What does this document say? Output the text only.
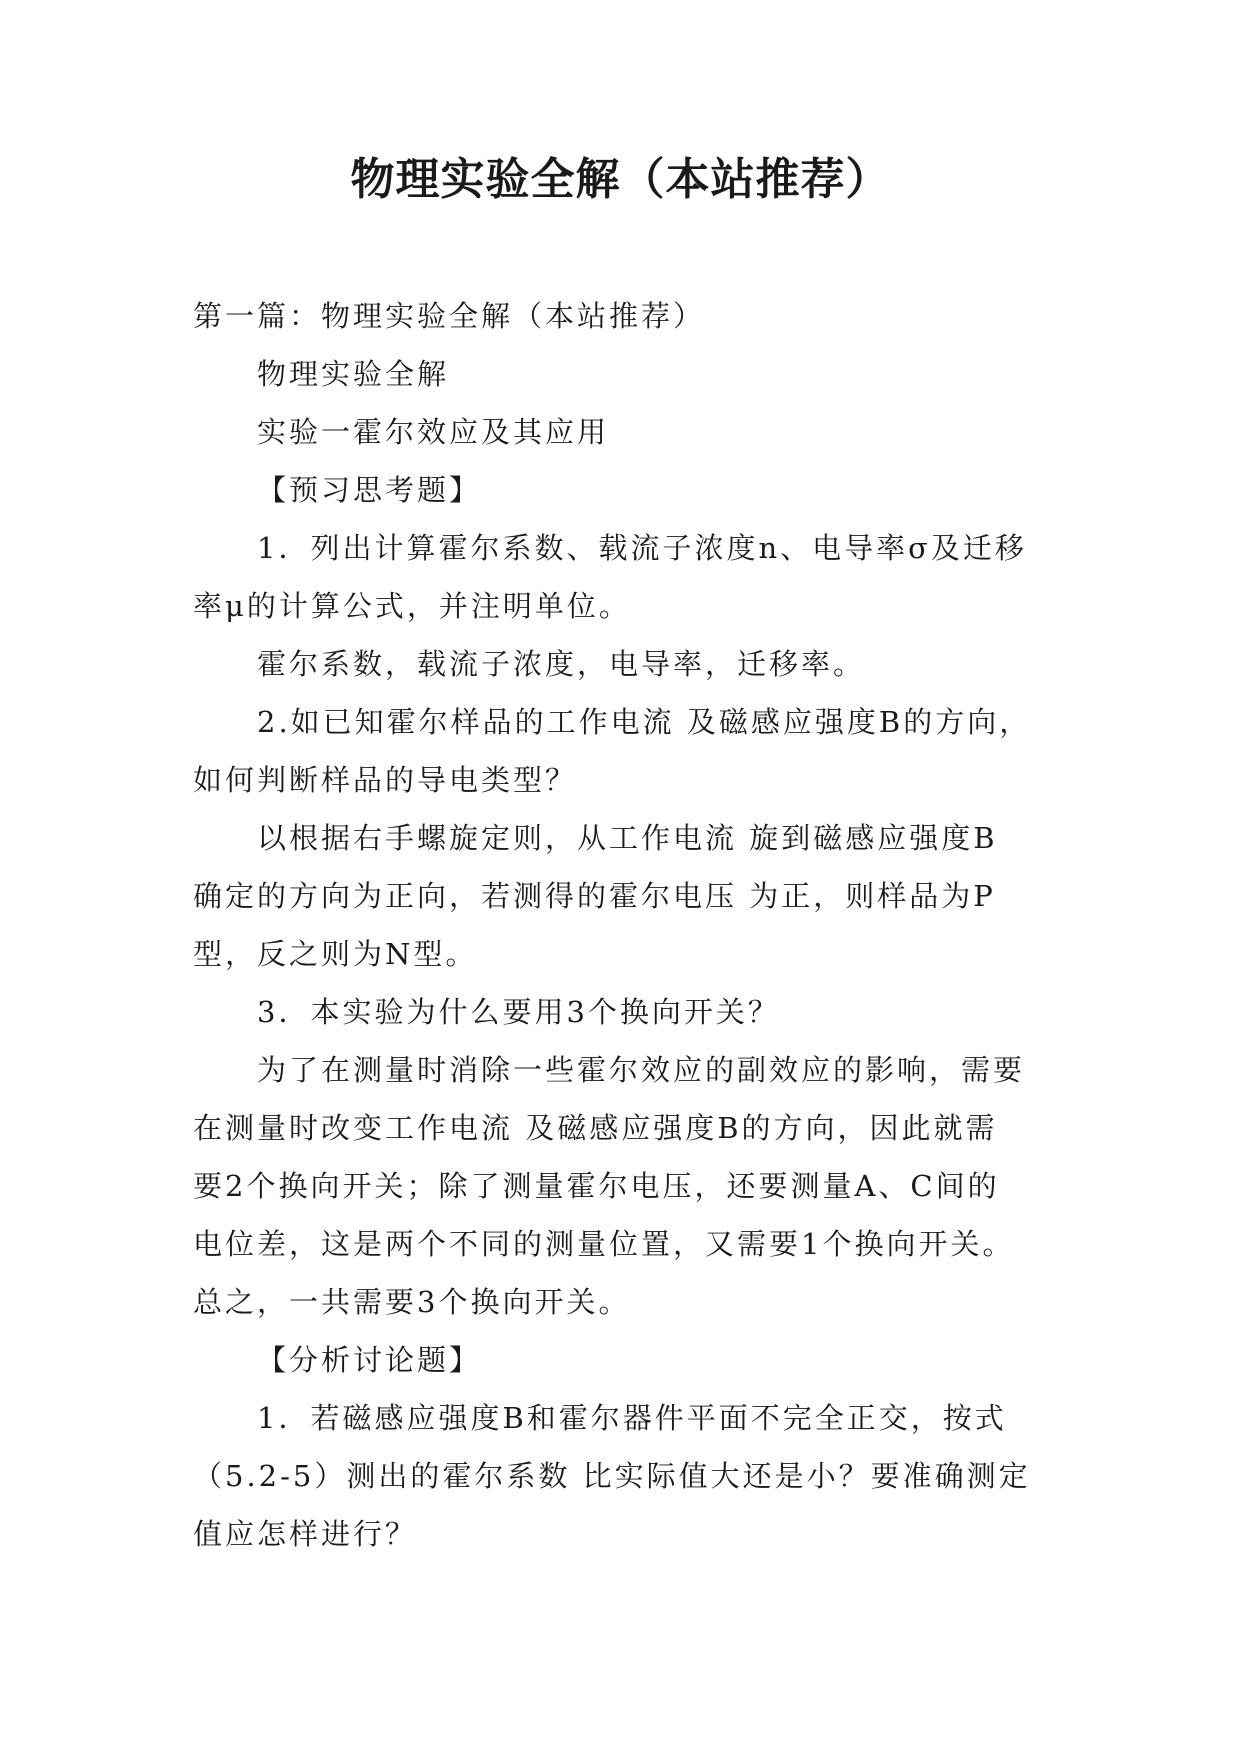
物理实验全解（本站推荐）

第一篇：物理实验全解（本站推荐）

物理实验全解

实验一霍尔效应及其应用

【预习思考题】

1．列出计算霍尔系数、载流子浓度n、电导率σ及迁移

率μ的计算公式，并注明单位。

霍尔系数，载流子浓度，电导率，迁移率。

2.如已知霍尔样品的工作电流 及磁感应强度B的方向，

如何判断样品的导电类型？

以根据右手螺旋定则，从工作电流 旋到磁感应强度B

确定的方向为正向，若测得的霍尔电压 为正，则样品为P

型，反之则为N型。

3．本实验为什么要用3个换向开关？

为了在测量时消除一些霍尔效应的副效应的影响，需要

在测量时改变工作电流 及磁感应强度B的方向，因此就需

要2个换向开关；除了测量霍尔电压，还要测量A、C间的

电位差，这是两个不同的测量位置，又需要1个换向开关。

总之，一共需要3个换向开关。

【分析讨论题】

1．若磁感应强度B和霍尔器件平面不完全正交，按式

（5.2-5）测出的霍尔系数 比实际值大还是小？要准确测定

值应怎样进行？
